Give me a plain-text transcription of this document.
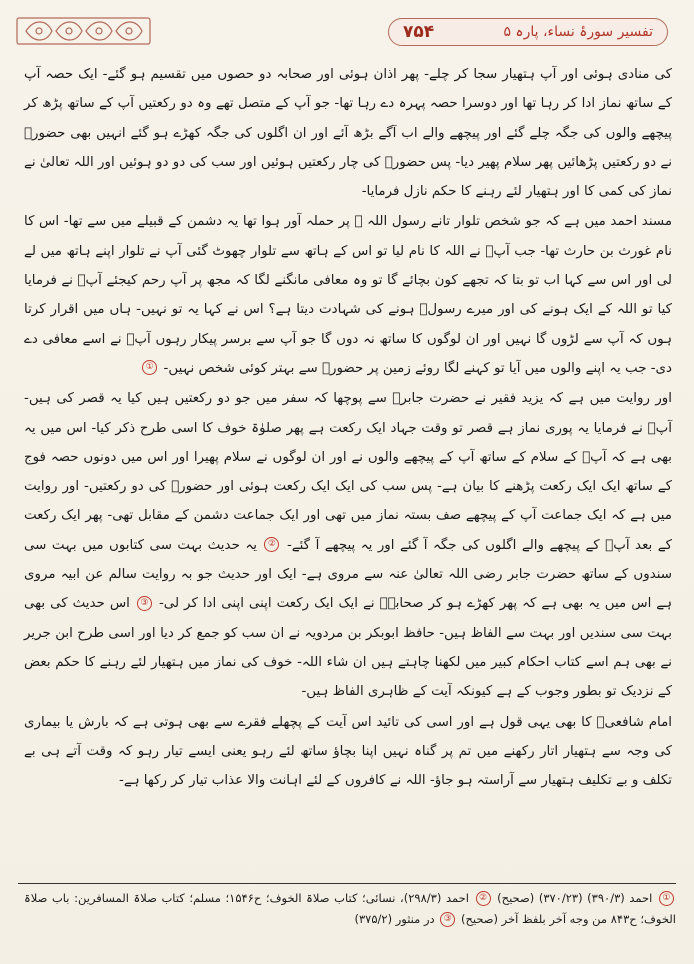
۷۵۴	تفسیر سورۂ نساء، پارہ ۵

کی منادی ہوئی اور آپ ہتھیار سجا کر چلے- پھر اذان ہوئی اور صحابہ دو حصوں میں تقسیم ہو گئے- ایک حصہ آپ کے ساتھ نماز ادا کر رہا تھا اور دوسرا حصہ پہرہ دے رہا تھا- جو آپ کے متصل تھے وہ دو رکعتیں آپ کے ساتھ پڑھ کر پیچھے والوں کی جگہ چلے گئے اور پیچھے والے اب آگے بڑھ آئے اور ان اگلوں کی جگہ کھڑے ہو گئے انہیں بھی حضورؐ نے دو رکعتیں پڑھائیں پھر سلام پھیر دیا- پس حضورؐ کی چار رکعتیں ہوئیں اور سب کی دو دو ہوئیں اور اللہ تعالیٰ نے نماز کی کمی کا اور ہتھیار لئے رہنے کا حکم نازل فرمایا-

مسند احمد میں ہے کہ جو شخص تلوار تانے رسول اللہ ﷺ پر حملہ آور ہوا تھا یہ دشمن کے قبیلے میں سے تھا- اس کا نام غورث بن حارث تھا- جب آپؐ نے اللہ کا نام لیا تو اس کے ہاتھ سے تلوار چھوٹ گئی آپ نے تلوار اپنے ہاتھ میں لے لی اور اس سے کہا اب تو بتا کہ تجھے کون بچائے گا تو وہ معافی مانگنے لگا کہ مجھ پر آپ رحم کیجئے آپؐ نے فرمایا کیا تو اللہ کے ایک ہونے کی اور میرے رسولؐ ہونے کی شہادت دیتا ہے؟ اس نے کہا یہ تو نہیں- ہاں میں اقرار کرتا ہوں کہ آپ سے لڑوں گا نہیں اور ان لوگوں کا ساتھ نہ دوں گا جو آپ سے برسر پیکار رہوں آپؐ نے اسے معافی دے دی- جب یہ اپنے والوں میں آیا تو کہنے لگا روئے زمین پر حضورؐ سے بہتر کوئی شخص نہیں- ①

اور روایت میں ہے کہ یزید فقیر نے حضرت جابرؓ سے پوچھا کہ سفر میں جو دو رکعتیں ہیں کیا یہ قصر کی ہیں- آپؓ نے فرمایا یہ پوری نماز ہے قصر تو وقت جہاد ایک رکعت ہے پھر صلوٰۃ خوف کا اسی طرح ذکر کیا- اس میں یہ بھی ہے کہ آپؐ کے سلام کے ساتھ آپ کے پیچھے والوں نے اور ان لوگوں نے سلام پھیرا اور اس میں دونوں حصہ فوج کے ساتھ ایک ایک رکعت پڑھنے کا بیان ہے- پس سب کی ایک ایک رکعت ہوئی اور حضورؐ کی دو رکعتیں- اور روایت میں ہے کہ ایک جماعت آپ کے پیچھے صف بستہ نماز میں تھی اور ایک جماعت دشمن کے مقابل تھی- پھر ایک رکعت کے بعد آپؐ کے پیچھے والے اگلوں کی جگہ آ گئے اور یہ پیچھے آ گئے- ② یہ حدیث بہت سی کتابوں میں بہت سی سندوں کے ساتھ حضرت جابر رضی اللہ تعالیٰ عنہ سے مروی ہے- ایک اور حدیث جو بہ روایت سالم عن ابیہ مروی ہے اس میں یہ بھی ہے کہ پھر کھڑے ہو کر صحابہؓ نے ایک ایک رکعت اپنی اپنی ادا کر لی- ③ اس حدیث کی بھی بہت سی سندیں اور بہت سے الفاظ ہیں- حافظ ابوبکر بن مردویہ نے ان سب کو جمع کر دیا اور اسی طرح ابن جریر نے بھی ہم اسے کتاب احکام کبیر میں لکھنا چاہتے ہیں ان شاء اللہ- خوف کی نماز میں ہتھیار لئے رہنے کا حکم بعض کے نزدیک تو بطور وجوب کے ہے کیونکہ آیت کے ظاہری الفاظ ہیں-

امام شافعیؒ کا بھی یہی قول ہے اور اسی کی تائید اس آیت کے پچھلے فقرے سے بھی ہوتی ہے کہ بارش یا بیماری کی وجہ سے ہتھیار اتار رکھنے میں تم پر گناہ نہیں اپنا بچاؤ ساتھ لئے رہو یعنی ایسے تیار رہو کہ وقت آتے ہی بے تکلف و بے تکلیف ہتھیار سے آراستہ ہو جاؤ- اللہ نے کافروں کے لئے اہانت والا عذاب تیار کر رکھا ہے-

① احمد (۳۹۰/۳) (۳۷۰/۲۳) (صحیح) ② احمد (۲۹۸/۳)، نسائی؛ کتاب صلاۃ الخوف؛ ح۱۵۴۶؛ مسلم؛ کتاب صلاۃ المسافرین: باب صلاۃ الخوف؛ ح۸۴۳ من وجه آخر بلفظ آخر (صحیح) ③ در منثور (۳۷۵/۲)
